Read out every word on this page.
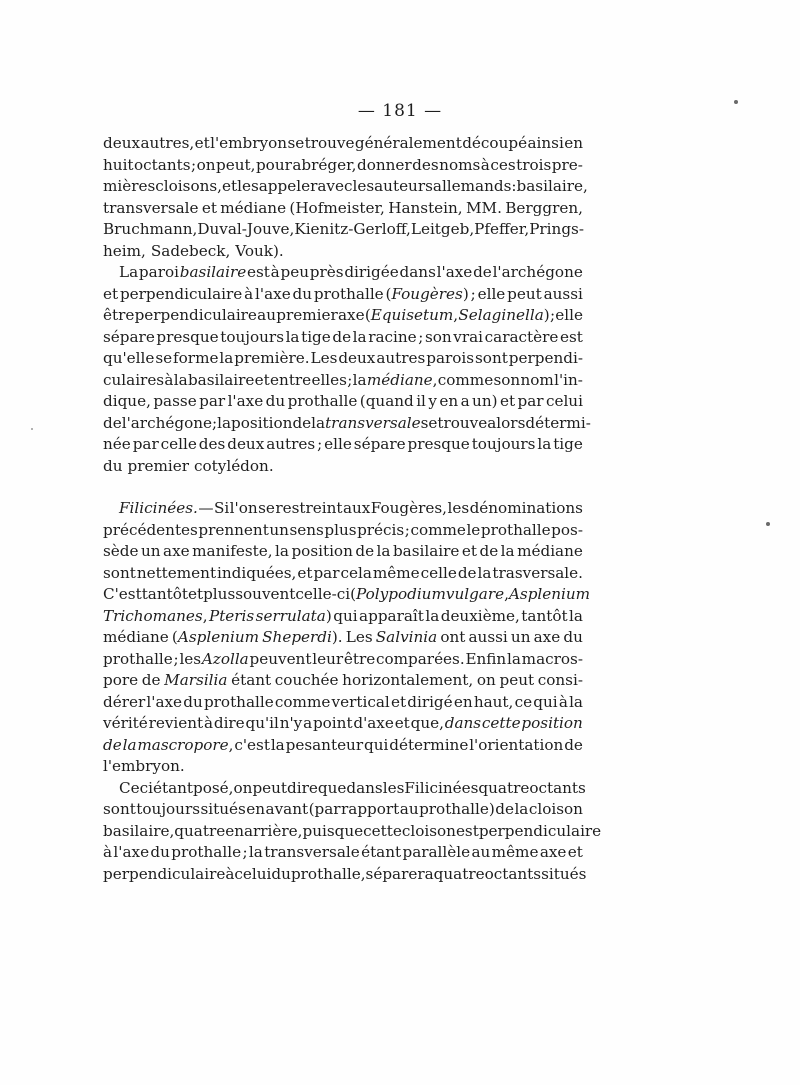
— 181 —
deux autres, et l'embryon se trouve généralement découpé ainsi en
huit octants ; on peut, pour abréger, donner des noms à ces trois pre-
mières cloisons, et les appeler avec les auteurs allemands : basilaire,
transversale et médiane (Hofmeister, Hanstein, MM. Berggren,
Bruchmann, Duval-Jouve, Kienitz-Gerloff, Leitgeb, Pfeffer, Prings-
heim, Sadebeck, Vouk).
La paroi basilaire est à peu près dirigée dans l'axe de l'archégone
et perpendiculaire à l'axe du prothalle (Fougères) ; elle peut aussi
être perpendiculaire au premier axe (Equisetum, Selaginella) ; elle
sépare presque toujours la tige de la racine ; son vrai caractère est
qu'elle se forme la première. Les deux autres parois sont perpendi-
culaires à la basilaire et entre elles ; la médiane, comme son nom l'in-
dique, passe par l'axe du prothalle (quand il y en a un) et par celui
de l'archégone ; la position de la transversale se trouve alors détermi-
née par celle des deux autres ; elle sépare presque toujours la tige
du premier cotylédon.
Filicinées. — Si l'on se restreint aux Fougères, les dénominations
précédentes prennent un sens plus précis ; comme le prothalle pos-
sède un axe manifeste, la position de la basilaire et de la médiane
sont nettement indiquées, et par cela même celle de la trasversale.
C'est tantôt et plus souvent celle-ci (Polypodium vulgare, Asplenium
Trichomanes, Pteris serrulata) qui apparaît la deuxième, tantôt la
médiane (Asplenium Sheperdi). Les Salvinia ont aussi un axe du
prothalle ; les Azolla peuvent leur être comparées. Enfin la macros-
pore de Marsilia étant couchée horizontalement, on peut consi-
dérer l'axe du prothalle comme vertical et dirigé en haut, ce qui à la
vérité revient à dire qu'il n'y a point d'axe et que, dans cette position
de la mascropore, c'est la pesanteur qui détermine l'orientation de
l'embryon.
Ceci étant posé, on peut dire que dans les Filicinées quatre octants
sont toujours situés en avant (par rapport au prothalle) de la cloison
basilaire, quatre en arrière, puisque cette cloison est perpendiculaire
à l'axe du prothalle ; la transversale étant parallèle au même axe et
perpendiculaire à celui du prothalle, séparera quatre octants situés
